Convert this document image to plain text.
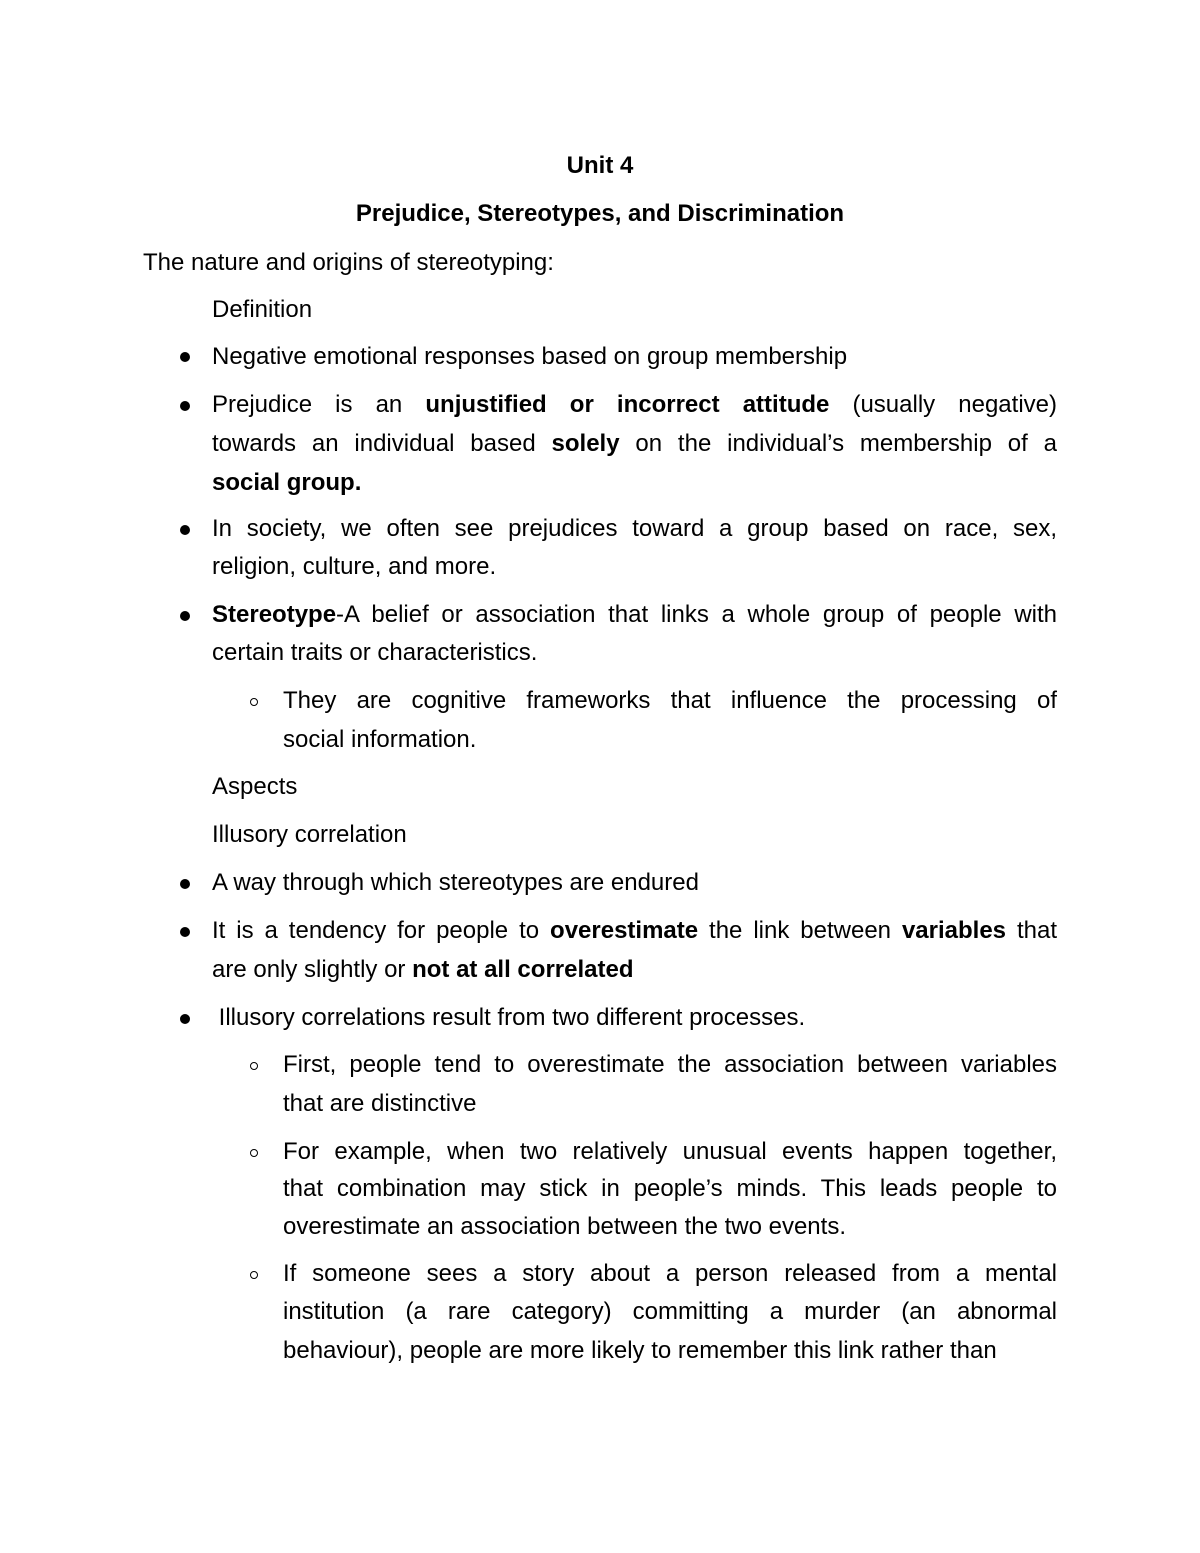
Unit 4
Prejudice, Stereotypes, and Discrimination
The nature and origins of stereotyping:
Definition
Negative emotional responses based on group membership
Prejudice is an unjustified or incorrect attitude (usually negative)
towards an individual based solely on the individual’s membership of a
social group.
In society, we often see prejudices toward a group based on race, sex,
religion, culture, and more.
Stereotype-A belief or association that links a whole group of people with
certain traits or characteristics.
They are cognitive frameworks that influence the processing of
social information.
Aspects
Illusory correlation
A way through which stereotypes are endured
It is a tendency for people to overestimate the link between variables that
are only slightly or not at all correlated
Illusory correlations result from two different processes.
First, people tend to overestimate the association between variables
that are distinctive
For example, when two relatively unusual events happen together,
that combination may stick in people’s minds. This leads people to
overestimate an association between the two events.
If someone sees a story about a person released from a mental
institution (a rare category) committing a murder (an abnormal
behaviour), people are more likely to remember this link rather than
